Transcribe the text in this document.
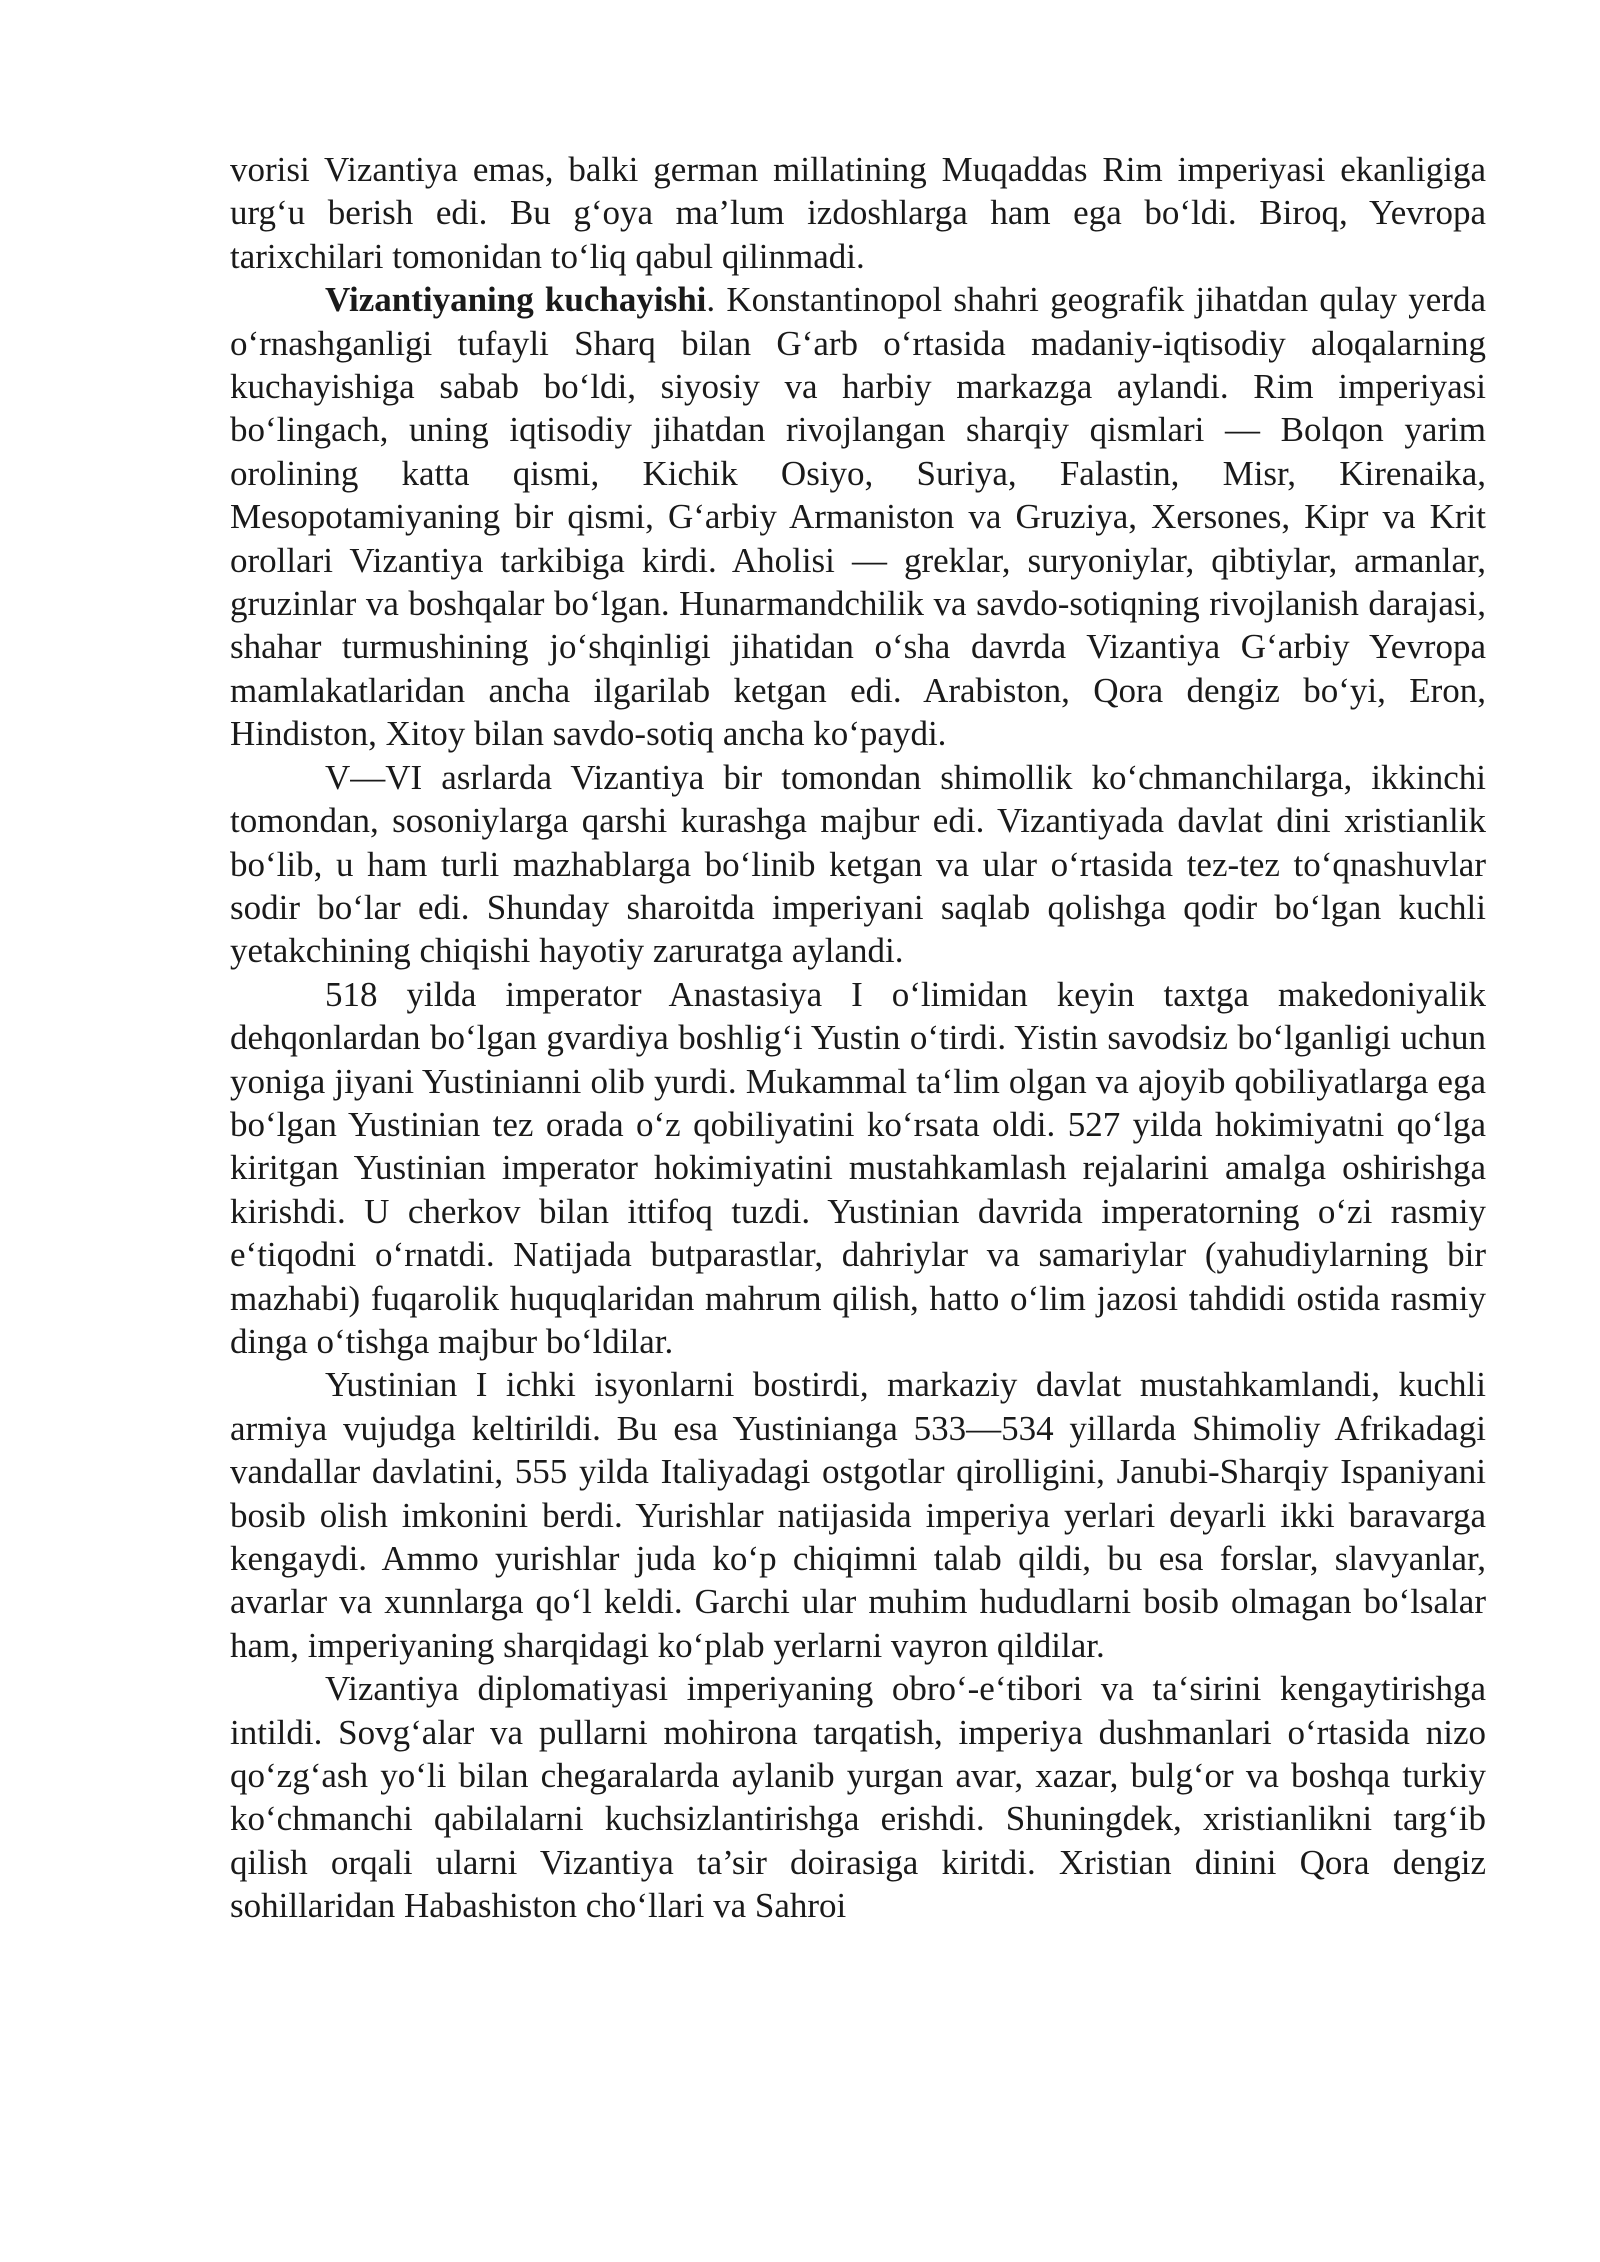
vorisi Vizantiya emas, balki german millatining Muqaddas Rim imperiyasi ekanligiga urg‘u berish edi. Bu g‘oya ma’lum izdoshlarga ham ega bo‘ldi. Biroq, Yevropa tarixchilari tomonidan to‘liq qabul qilinmadi.

Vizantiyaning kuchayishi. Konstantinopol shahri geografik jihatdan qulay yerda o‘rnashganligi tufayli Sharq bilan G‘arb o‘rtasida madaniy-iqtisodiy aloqalarning kuchayishiga sabab bo‘ldi, siyosiy va harbiy markazga aylandi. Rim imperiyasi bo‘lingach, uning iqtisodiy jihatdan rivojlangan sharqiy qismlari — Bolqon yarim orolining katta qismi, Kichik Osiyo, Suriya, Falastin, Misr, Kirenaika, Mesopotamiyaning bir qismi, G‘arbiy Armaniston va Gruziya, Xersones, Kipr va Krit orollari Vizantiya tarkibiga kirdi. Aholisi — greklar, suryoniylar, qibtiylar, armanlar, gruzinlar va boshqalar bo‘lgan. Hunarmandchilik va savdo-sotiqning rivojlanish darajasi, shahar turmushining jo‘shqinligi jihatidan o‘sha davrda Vizantiya G‘arbiy Yevropa mamlakatlaridan ancha ilgarilab ketgan edi. Arabiston, Qora dengiz bo‘yi, Eron, Hindiston, Xitoy bilan savdo-sotiq ancha ko‘paydi.

V—VI asrlarda Vizantiya bir tomondan shimollik ko‘chmanchilarga, ikkinchi tomondan, sosoniylarga qarshi kurashga majbur edi. Vizantiyada davlat dini xristianlik bo‘lib, u ham turli mazhablarga bo‘linib ketgan va ular o‘rtasida tez-tez to‘qnashuvlar sodir bo‘lar edi. Shunday sharoitda imperiyani saqlab qolishga qodir bo‘lgan kuchli yetakchining chiqishi hayotiy zaruratga aylandi.

518 yilda imperator Anastasiya I o‘limidan keyin taxtga makedoniyalik dehqonlardan bo‘lgan gvardiya boshlig‘i Yustin o‘tirdi. Yistin savodsiz bo‘lganligi uchun yoniga jiyani Yustinianni olib yurdi. Mukammal ta‘lim olgan va ajoyib qobiliyatlarga ega bo‘lgan Yustinian tez orada o‘z qobiliyatini ko‘rsata oldi. 527 yilda hokimiyatni qo‘lga kiritgan Yustinian imperator hokimiyatini mustahkamlash rejalarini amalga oshirishga kirishdi. U cherkov bilan ittifoq tuzdi. Yustinian davrida imperatorning o‘zi rasmiy e‘tiqodni o‘rnatdi. Natijada butparastlar, dahriylar va samariylar (yahudiylarning bir mazhabi) fuqarolik huquqlaridan mahrum qilish, hatto o‘lim jazosi tahdidi ostida rasmiy dinga o‘tishga majbur bo‘ldilar.

Yustinian I ichki isyonlarni bostirdi, markaziy davlat mustahkamlandi, kuchli armiya vujudga keltirildi. Bu esa Yustinianga 533—534 yillarda Shimoliy Afrikadagi vandallar davlatini, 555 yilda Italiyadagi ostgotlar qirolligini, Janubi-Sharqiy Ispaniyani bosib olish imkonini berdi. Yurishlar natijasida imperiya yerlari deyarli ikki baravarga kengaydi. Ammo yurishlar juda ko‘p chiqimni talab qildi, bu esa forslar, slavyanlar, avarlar va xunnlarga qo‘l keldi. Garchi ular muhim hududlarni bosib olmagan bo‘lsalar ham, imperiyaning sharqidagi ko‘plab yerlarni vayron qildilar.

Vizantiya diplomatiyasi imperiyaning obro‘-e‘tibori va ta‘sirini kengaytirishga intildi. Sovg‘alar va pullarni mohirona tarqatish, imperiya dushmanlari o‘rtasida nizo qo‘zg‘ash yo‘li bilan chegaralarda aylanib yurgan avar, xazar, bulg‘or va boshqa turkiy ko‘chmanchi qabilalarni kuchsizlantirishga erishdi. Shuningdek, xristianlikni targ‘ib qilish orqali ularni Vizantiya ta’sir doirasiga kiritdi. Xristian dinini Qora dengiz sohillaridan Habashiston cho‘llari va Sahroi
